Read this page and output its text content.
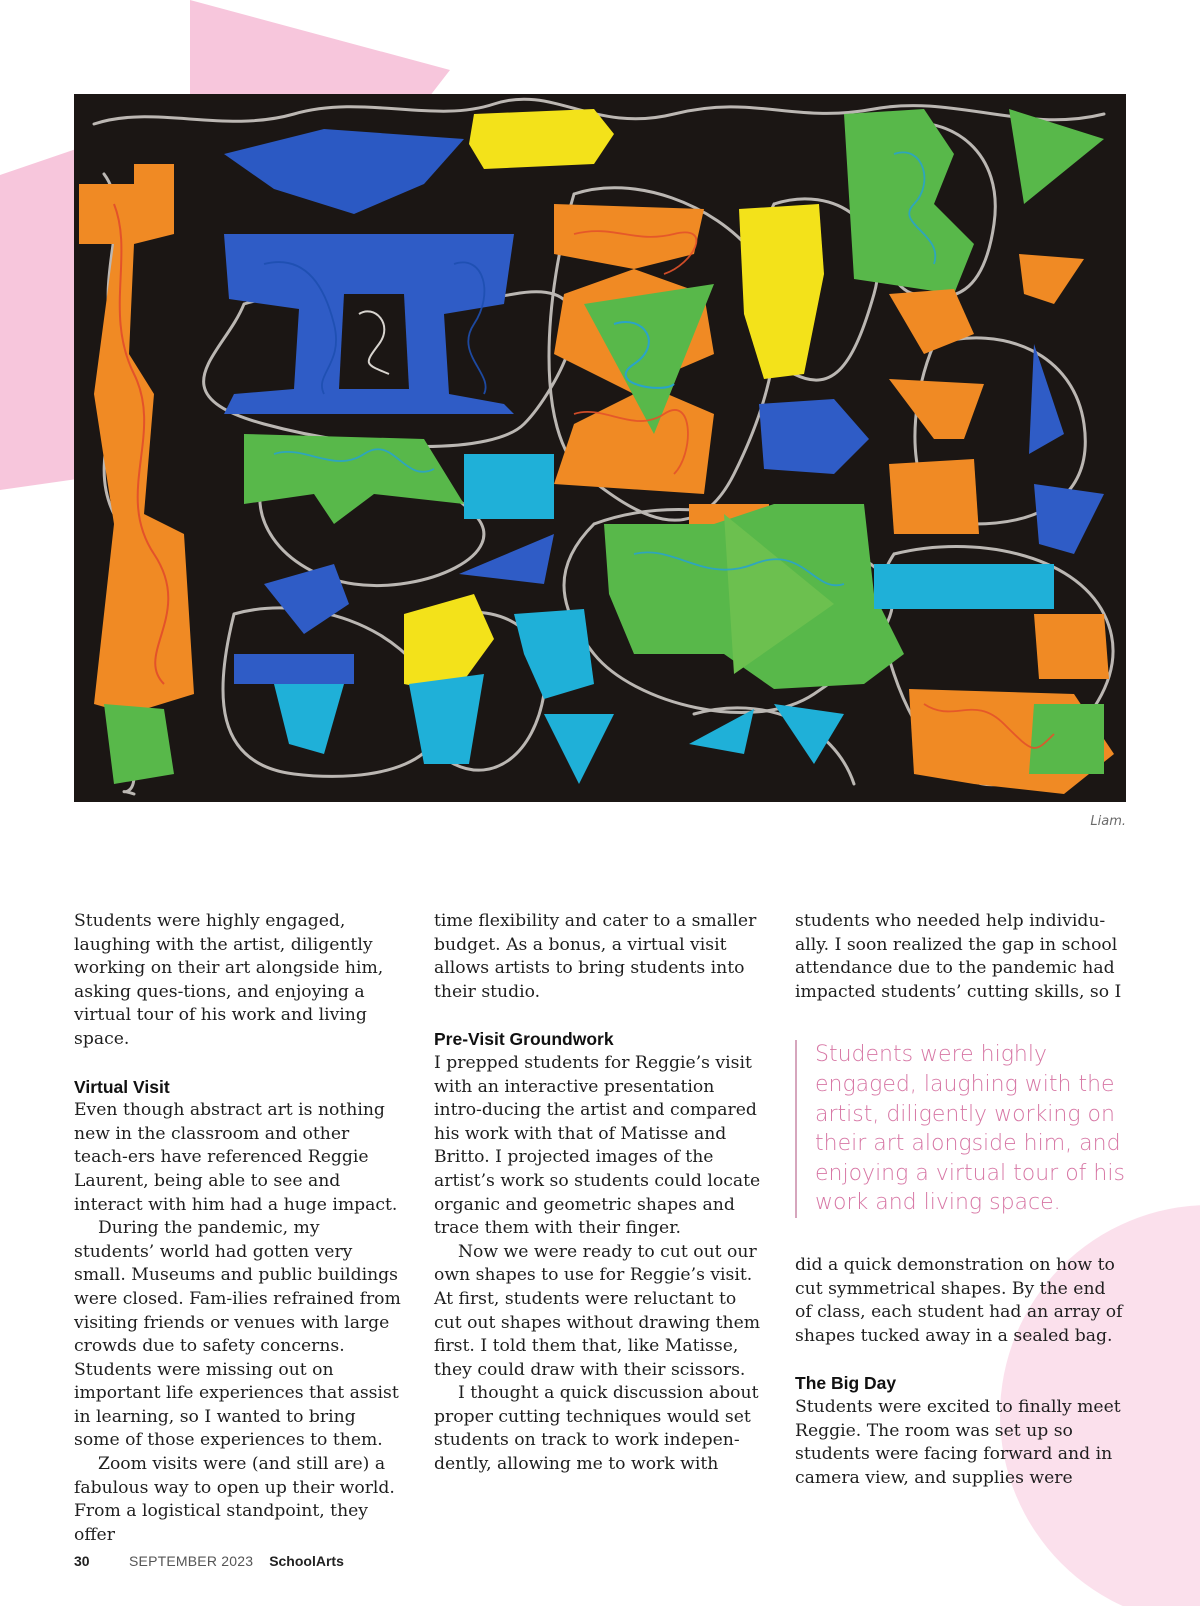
Liam.

Students were highly engaged, laughing with the artist, diligently working on their art alongside him, asking ques-tions, and enjoying a virtual tour of his work and living space.

Virtual Visit

Even though abstract art is nothing new in the classroom and other teach-ers have referenced Reggie Laurent, being able to see and interact with him had a huge impact.

During the pandemic, my students’ world had gotten very small. Museums and public buildings were closed. Fam-ilies refrained from visiting friends or venues with large crowds due to safety concerns. Students were missing out on important life experiences that assist in learning, so I wanted to bring some of those experiences to them.

Zoom visits were (and still are) a fabulous way to open up their world. From a logistical standpoint, they offer

time flexibility and cater to a smaller budget. As a bonus, a virtual visit allows artists to bring students into their studio.

Pre-Visit Groundwork

I prepped students for Reggie’s visit with an interactive presentation intro-ducing the artist and compared his work with that of Matisse and Britto. I projected images of the artist’s work so students could locate organic and geometric shapes and trace them with their finger.

Now we were ready to cut out our own shapes to use for Reggie’s visit. At first, students were reluctant to cut out shapes without drawing them first. I told them that, like Matisse, they could draw with their scissors.

I thought a quick discussion about proper cutting techniques would set students on track to work indepen-dently, allowing me to work with

students who needed help individu-ally. I soon realized the gap in school attendance due to the pandemic had impacted students’ cutting skills, so I

Students were highly engaged, laughing with the artist, diligently working on their art alongside him, and enjoying a virtual tour of his work and living space.

did a quick demonstration on how to cut symmetrical shapes. By the end of class, each student had an array of shapes tucked away in a sealed bag.

The Big Day

Students were excited to finally meet Reggie. The room was set up so students were facing forward and in camera view, and supplies were

30	SEPTEMBER 2023 SchoolArts
